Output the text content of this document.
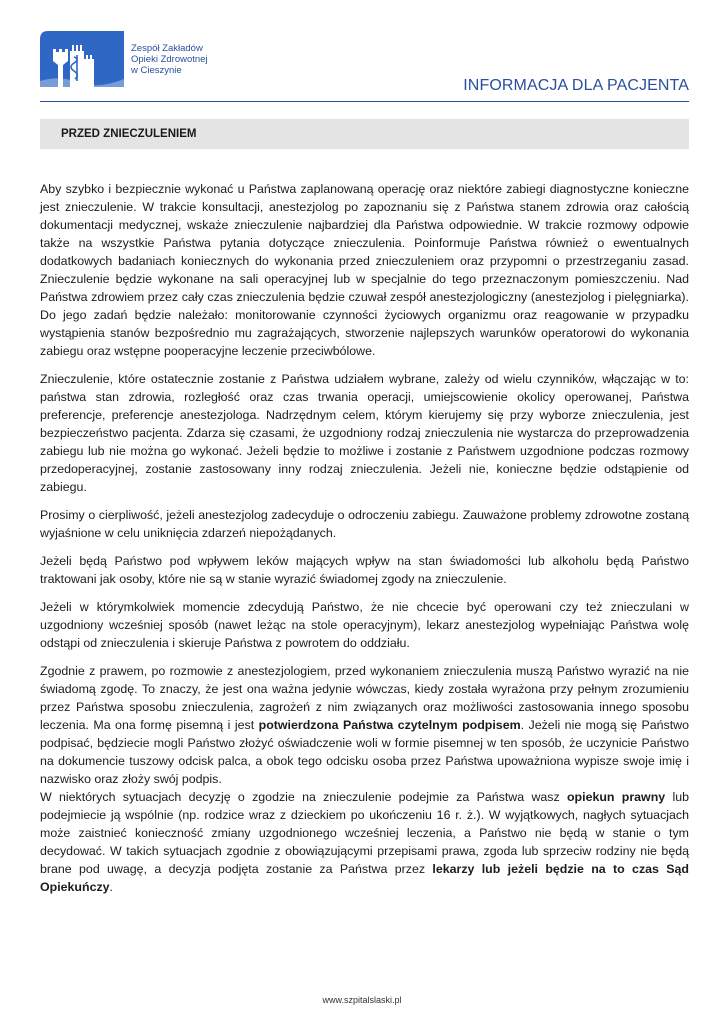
Zespół Zakładów
Opieki Zdrowotnej
w Cieszynie
INFORMACJA DLA PACJENTA
PRZED ZNIECZULENIEM

Aby szybko i bezpiecznie wykonać u Państwa zaplanowaną operację oraz niektóre zabiegi diagnostyczne konieczne jest znieczulenie. W trakcie konsultacji, anestezjolog po zapoznaniu się z Państwa stanem zdrowia oraz całością dokumentacji medycznej, wskaże znieczulenie najbardziej dla Państwa odpowiednie. W trakcie rozmowy odpowie także na wszystkie Państwa pytania dotyczące znieczulenia. Poinformuje Państwa również o ewentualnych dodatkowych badaniach koniecznych do wykonania przed znieczuleniem oraz przypomni o przestrzeganiu zasad. Znieczulenie będzie wykonane na sali operacyjnej lub w specjalnie do tego przeznaczonym pomieszczeniu. Nad Państwa zdrowiem przez cały czas znieczulenia będzie czuwał zespół anestezjologiczny (anestezjolog i pielęgniarka). Do jego zadań będzie należało: monitorowanie czynności życiowych organizmu oraz reagowanie w przypadku wystąpienia stanów bezpośrednio mu zagrażających, stworzenie najlepszych warunków operatorowi do wykonania zabiegu oraz wstępne pooperacyjne leczenie przeciwbólowe.

Znieczulenie, które ostatecznie zostanie z Państwa udziałem wybrane, zależy od wielu czynników, włączając w to: państwa stan zdrowia, rozległość oraz czas trwania operacji, umiejscowienie okolicy operowanej, Państwa preferencje, preferencje anestezjologa. Nadrzędnym celem, którym kierujemy się przy wyborze znieczulenia, jest bezpieczeństwo pacjenta. Zdarza się czasami, że uzgodniony rodzaj znieczulenia nie wystarcza do przeprowadzenia zabiegu lub nie można go wykonać. Jeżeli będzie to możliwe i zostanie z Państwem uzgodnione podczas rozmowy przedoperacyjnej, zostanie zastosowany inny rodzaj znieczulenia. Jeżeli nie, konieczne będzie odstąpienie od zabiegu.

Prosimy o cierpliwość, jeżeli anestezjolog zadecyduje o odroczeniu zabiegu. Zauważone problemy zdrowotne zostaną wyjaśnione w celu uniknięcia zdarzeń niepożądanych.

Jeżeli będą Państwo pod wpływem leków mających wpływ na stan świadomości lub alkoholu będą Państwo traktowani jak osoby, które nie są w stanie wyrazić świadomej zgody na znieczulenie.

Jeżeli w którymkolwiek momencie zdecydują Państwo, że nie chcecie być operowani czy też znieczulani w uzgodniony wcześniej sposób (nawet leżąc na stole operacyjnym), lekarz anestezjolog wypełniając Państwa wolę odstąpi od znieczulenia i skieruje Państwa z powrotem do oddziału.

Zgodnie z prawem, po rozmowie z anestezjologiem, przed wykonaniem znieczulenia muszą Państwo wyrazić na nie świadomą zgodę. To znaczy, że jest ona ważna jedynie wówczas, kiedy została wyrażona przy pełnym zrozumieniu przez Państwa sposobu znieczulenia, zagrożeń z nim związanych oraz możliwości zastosowania innego sposobu leczenia. Ma ona formę pisemną i jest potwierdzona Państwa czytelnym podpisem. Jeżeli nie mogą się Państwo podpisać, będziecie mogli Państwo złożyć oświadczenie woli w formie pisemnej w ten sposób, że uczynicie Państwo na dokumencie tuszowy odcisk palca, a obok tego odcisku osoba przez Państwa upoważniona wypisze swoje imię i nazwisko oraz złoży swój podpis.

W niektórych sytuacjach decyzję o zgodzie na znieczulenie podejmie za Państwa wasz opiekun prawny lub podejmiecie ją wspólnie (np. rodzice wraz z dzieckiem po ukończeniu 16 r. ż.). W wyjątkowych, nagłych sytuacjach może zaistnieć konieczność zmiany uzgodnionego wcześniej leczenia, a Państwo nie będą w stanie o tym decydować. W takich sytuacjach zgodnie z obowiązującymi przepisami prawa, zgoda lub sprzeciw rodziny nie będą brane pod uwagę, a decyzja podjęta zostanie za Państwa przez lekarzy lub jeżeli będzie na to czas Sąd Opiekuńczy.

www.szpitalslaski.pl
